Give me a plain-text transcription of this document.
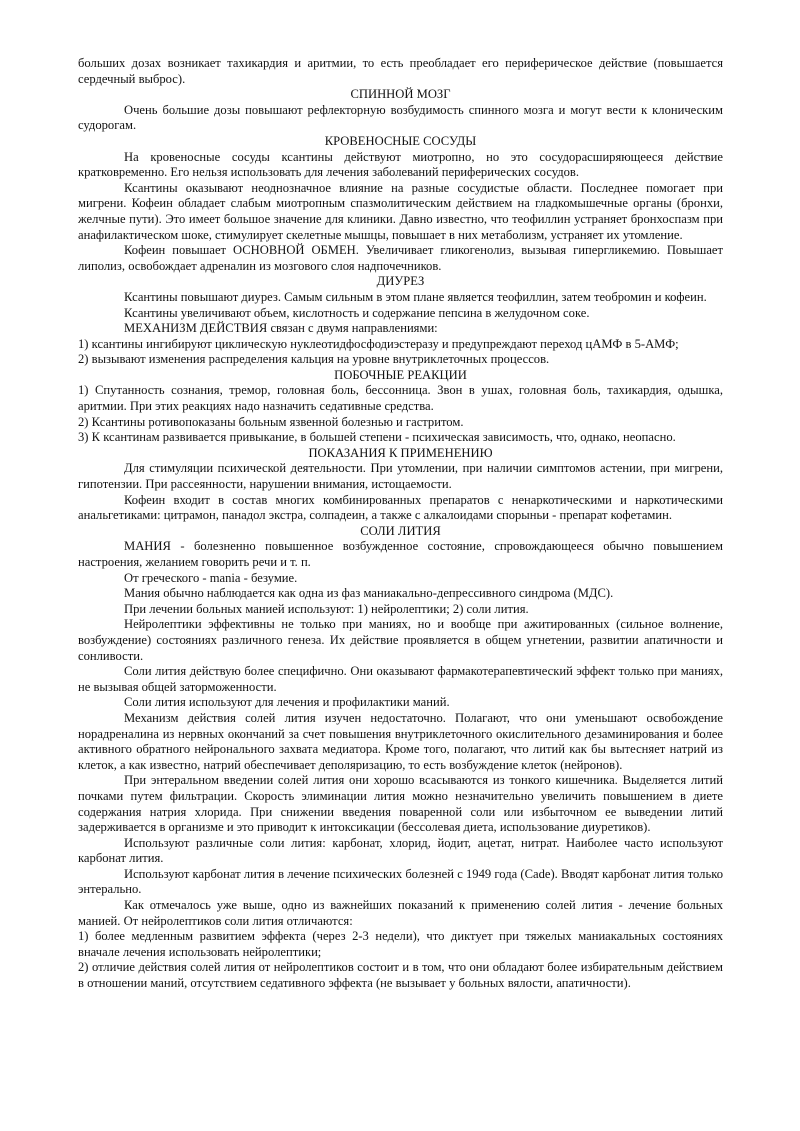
больших дозах возникает тахикардия и аритмии, то есть преобладает его периферическое действие (повышается сердечный выброс).

СПИННОЙ МОЗГ

Очень большие дозы повышают рефлекторную возбудимость спинного мозга и могут вести к клоническим судорогам.

КРОВЕНОСНЫЕ СОСУДЫ

На кровеносные сосуды ксантины действуют миотропно, но это сосудорасширяющееся действие кратковременно. Его нельзя использовать для лечения заболеваний периферических сосудов.

Ксантины оказывают неоднозначное влияние на разные сосудистые области. Последнее помогает при мигрени. Кофеин обладает слабым миотропным спазмолитическим действием на гладкомышечные органы (бронхи, желчные пути). Это имеет большое значение для клиники. Давно известно, что теофиллин устраняет бронхоспазм при анафилактическом шоке, стимулирует скелетные мышцы, повышает в них метаболизм, устраняет их утомление.

Кофеин повышает ОСНОВНОЙ ОБМЕН. Увеличивает гликогенолиз, вызывая гипергликемию. Повышает липолиз, освобождает адреналин из мозгового слоя надпочечников.

ДИУРЕЗ

Ксантины повышают диурез. Самым сильным в этом плане является теофиллин, затем теобромин и кофеин.

Ксантины увеличивают объем, кислотность и содержание пепсина в желудочном соке.

МЕХАНИЗМ ДЕЙСТВИЯ связан с двумя направлениями:

1) ксантины ингибируют циклическую нуклеотидфосфодиэстеразу и предупреждают переход цАМФ в 5-АМФ;

2) вызывают изменения распределения кальция на уровне внутриклеточных процессов.

ПОБОЧНЫЕ РЕАКЦИИ

1) Спутанность сознания, тремор, головная боль, бессонница. Звон в ушах, головная боль, тахикардия, одышка, аритмии. При этих реакциях надо назначить седативные средства.

2) Ксантины ротивопоказаны больным язвенной болезнью и гастритом.

3) К ксантинам развивается привыкание, в большей степени - психическая зависимость, что, однако, неопасно.

ПОКАЗАНИЯ К ПРИМЕНЕНИЮ

Для стимуляции психической деятельности. При утомлении, при наличии симптомов астении, при мигрени, гипотензии. При рассеянности, нарушении внимания, истощаемости.

Кофеин входит в состав многих комбинированных препаратов с ненаркотическими и наркотическими анальгетиками: цитрамон, панадол экстра, солпадеин, а также с алкалоидами спорыньи - препарат кофетамин.

СОЛИ ЛИТИЯ

МАНИЯ - болезненно повышенное возбужденное состояние, спровождающееся обычно повышением настроения, желанием говорить речи и т. п.

От греческого - mania - безумие.

Мания обычно наблюдается как одна из фаз маниакально-депрессивного синдрома (МДС).

При лечении больных манией используют: 1) нейролептики; 2) соли лития.

Нейролептики эффективны не только при маниях, но и вообще при ажитированных (сильное волнение, возбуждение) состояниях различного генеза. Их действие проявляется в общем угнетении, развитии апатичности и сонливости.

Соли лития действую более специфично. Они оказывают фармакотерапевтический эффект только при маниях, не вызывая общей заторможенности.

Соли лития используют для лечения и профилактики маний.

Механизм действия солей лития изучен недостаточно. Полагают, что они уменьшают освобождение норадреналина из нервных окончаний за счет повышения внутриклеточного окислительного дезаминирования и более активного обратного нейронального захвата медиатора. Кроме того, полагают, что литий как бы вытесняет натрий из клеток, а как известно, натрий обеспечивает деполяризацию, то есть возбуждение клеток (нейронов).

При энтеральном введении солей лития они хорошо всасываются из тонкого кишечника. Выделяется литий почками путем фильтрации. Скорость элиминации лития можно незначительно увеличить повышением в диете содержания натрия хлорида. При снижении введения поваренной соли или избыточном ее выведении литий задерживается в организме и это приводит к интоксикации (бессолевая диета, использование диуретиков).

Используют различные соли лития: карбонат, хлорид, йодит, ацетат, нитрат. Наиболее часто используют карбонат лития.

Используют карбонат лития в лечение психических болезней с 1949 года (Cade). Вводят карбонат лития только энтерально.

Как отмечалось уже выше, одно из важнейших показаний к применению солей лития - лечение больных манией. От нейролептиков соли лития отличаются:

1) более медленным развитием эффекта (через 2-3 недели), что диктует при тяжелых маниакальных состояниях вначале лечения использовать нейролептики;

2) отличие действия солей лития от нейролептиков состоит и в том, что они обладают более избирательным действием в отношении маний, отсутствием седативного эффекта (не вызывает у больных вялости, апатичности).
